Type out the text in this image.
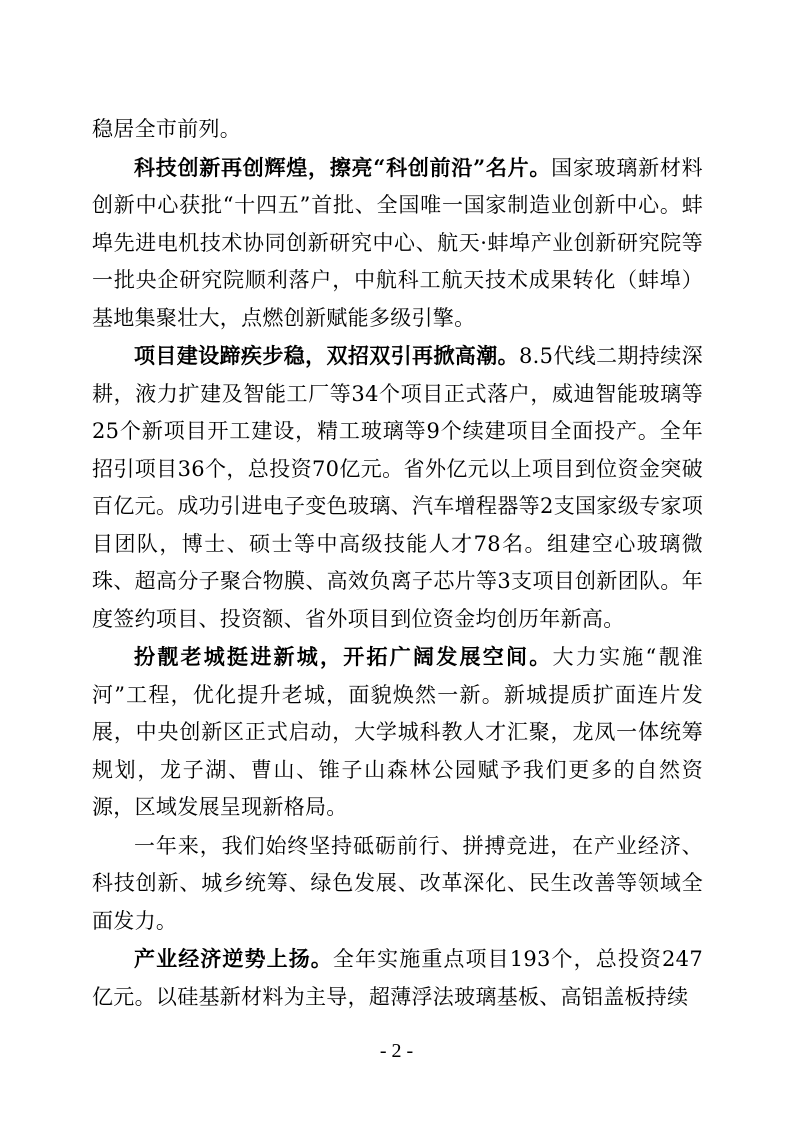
稳居全市前列。

科技创新再创辉煌，擦亮“科创前沿”名片。国家玻璃新材料创新中心获批“十四五”首批、全国唯一国家制造业创新中心。蚌埠先进电机技术协同创新研究中心、航天·蚌埠产业创新研究院等一批央企研究院顺利落户，中航科工航天技术成果转化（蚌埠）基地集聚壮大，点燃创新赋能多级引擎。

项目建设蹄疾步稳，双招双引再掀高潮。8.5代线二期持续深耕，液力扩建及智能工厂等34个项目正式落户，威迪智能玻璃等25个新项目开工建设，精工玻璃等9个续建项目全面投产。全年招引项目36个，总投资70亿元。省外亿元以上项目到位资金突破百亿元。成功引进电子变色玻璃、汽车增程器等2支国家级专家项目团队，博士、硕士等中高级技能人才78名。组建空心玻璃微珠、超高分子聚合物膜、高效负离子芯片等3支项目创新团队。年度签约项目、投资额、省外项目到位资金均创历年新高。

扮靓老城挺进新城，开拓广阔发展空间。大力实施“靓淮河”工程，优化提升老城，面貌焕然一新。新城提质扩面连片发展，中央创新区正式启动，大学城科教人才汇聚，龙凤一体统筹规划，龙子湖、曹山、锥子山森林公园赋予我们更多的自然资源，区域发展呈现新格局。

一年来，我们始终坚持砥砺前行、拼搏竞进，在产业经济、科技创新、城乡统筹、绿色发展、改革深化、民生改善等领域全面发力。

产业经济逆势上扬。全年实施重点项目193个，总投资247亿元。以硅基新材料为主导，超薄浮法玻璃基板、高铝盖板持续

- 2 -
